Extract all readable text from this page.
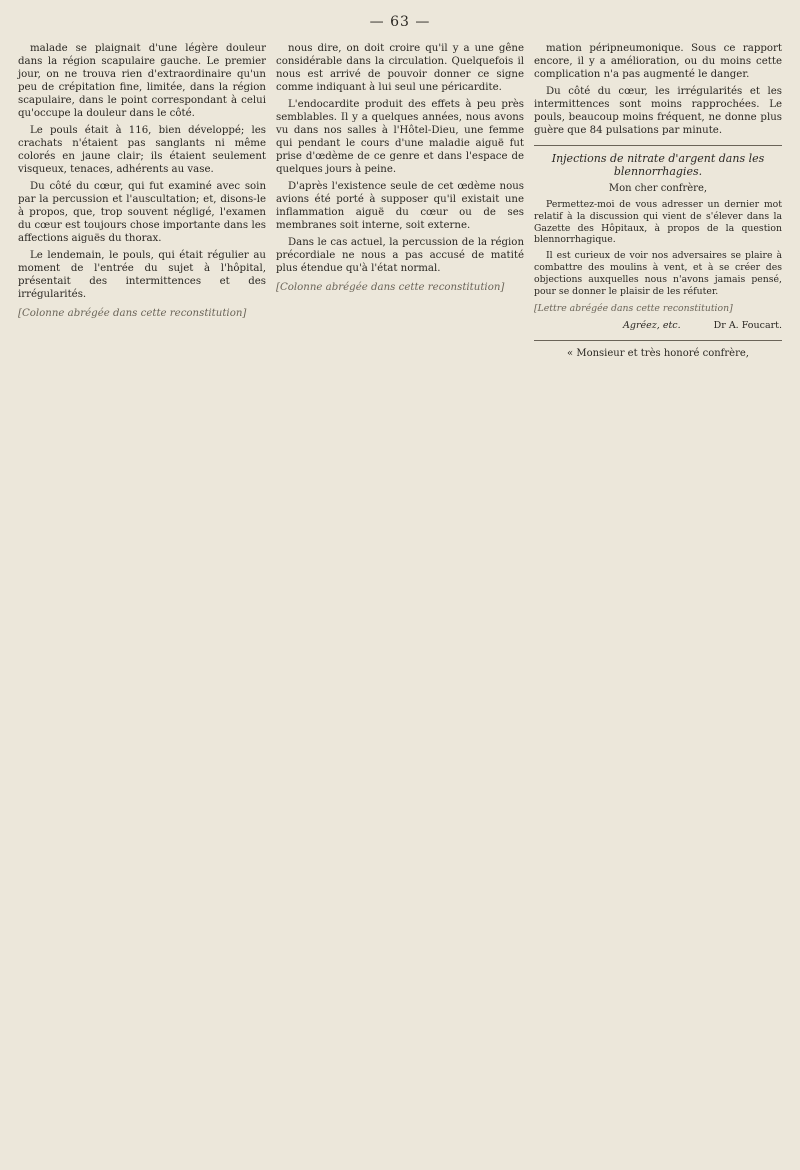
— 63 —

malade se plaignait d'une légère douleur dans la région scapulaire gauche. Le premier jour, on ne trouva rien d'extraordinaire qu'un peu de crépitation fine, limitée, dans la région scapulaire, dans le point correspondant à celui qu'occupe la douleur dans le côté.

Le pouls était à 116, bien développé; les crachats n'étaient pas sanglants ni même colorés en jaune clair; ils étaient seulement visqueux, tenaces, adhérents au vase.

Du côté du cœur, qui fut examiné avec soin par la percussion et l'auscultation; et, disons-le à propos, que, trop souvent négligé, l'examen du cœur est toujours chose importante dans les affections aiguës du thorax.

Le lendemain, le pouls, qui était régulier au moment de l'entrée du sujet à l'hôpital, présentait des intermittences et des irrégularités.

[Colonne abrégée dans cette reconstitution]

nous dire, on doit croire qu'il y a une gêne considérable dans la circulation. Quelquefois il nous est arrivé de pouvoir donner ce signe comme indiquant à lui seul une péricardite.

L'endocardite produit des effets à peu près semblables. Il y a quelques années, nous avons vu dans nos salles à l'Hôtel-Dieu, une femme qui pendant le cours d'une maladie aiguë fut prise d'œdème de ce genre et dans l'espace de quelques jours à peine.

D'après l'existence seule de cet œdème nous avions été porté à supposer qu'il existait une inflammation aiguë du cœur ou de ses membranes soit interne, soit externe.

Dans le cas actuel, la percussion de la région précordiale ne nous a pas accusé de matité plus étendue qu'à l'état normal.

[Colonne abrégée dans cette reconstitution]

mation péripneumonique. Sous ce rapport encore, il y a amélioration, ou du moins cette complication n'a pas augmenté le danger.

Du côté du cœur, les irrégularités et les intermittences sont moins rapprochées. Le pouls, beaucoup moins fréquent, ne donne plus guère que 84 pulsations par minute.

Injections de nitrate d'argent dans les blennorrhagies.
Mon cher confrère,

Permettez-moi de vous adresser un dernier mot relatif à la discussion qui vient de s'élever dans la Gazette des Hôpitaux, à propos de la question blennorrhagique.

Il est curieux de voir nos adversaires se plaire à combattre des moulins à vent, et à se créer des objections auxquelles nous n'avons jamais pensé, pour se donner le plaisir de les réfuter.

[Lettre abrégée dans cette reconstitution]

Agréez, etc.	Dr A. Foucart.
« Monsieur et très honoré confrère,
